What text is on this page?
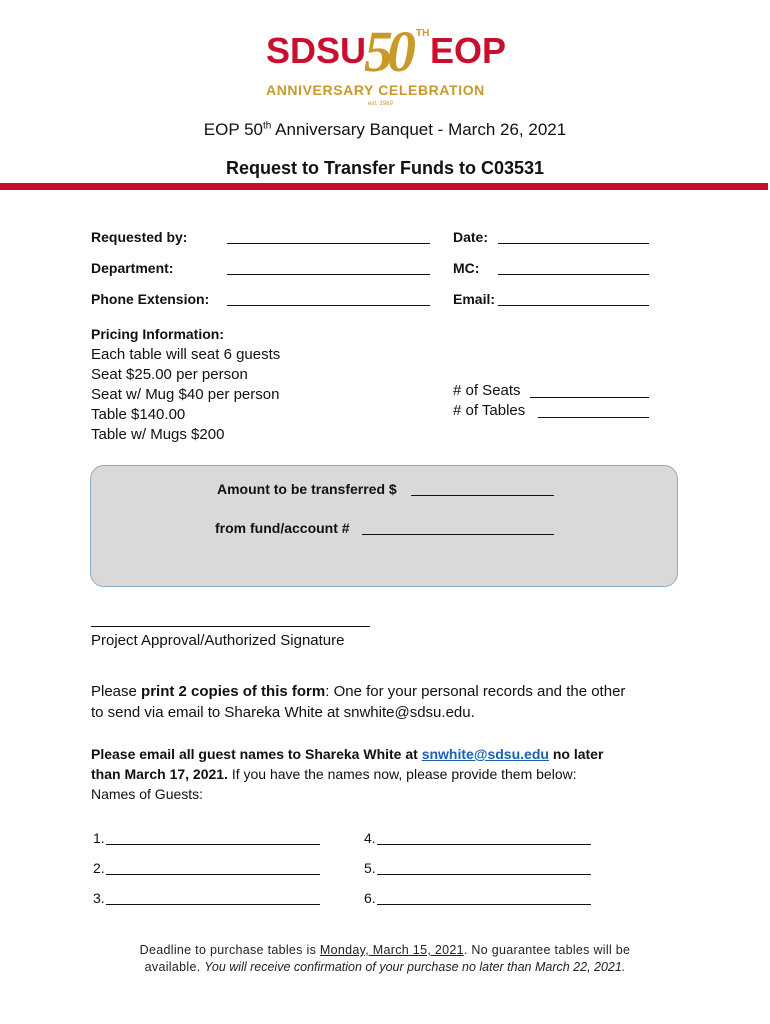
SDSU
50 TH EOP
ANNIVERSARY CELEBRATION
est. 1969
EOP 50th Anniversary Banquet - March 26, 2021
Request to Transfer Funds to C03531
Requested by:
Department:
Phone Extension:
Date:
MC:
Email:
Pricing Information:
Each table will seat 6 guests
Seat $25.00 per person
Seat w/ Mug $40 per person
Table $140.00
Table w/ Mugs $200
# of Seats
# of Tables
Amount to be transferred $
from fund/account #
Project Approval/Authorized Signature
Please print 2 copies of this form: One for your personal records and the other
to send via email to Shareka White at snwhite@sdsu.edu.
Please email all guest names to Shareka White at snwhite@sdsu.edu no later
than March 17, 2021. If you have the names now, please provide them below:
Names of Guests:
1.
2.
3.
4.
5.
6.
Deadline to purchase tables is Monday, March 15, 2021. No guarantee tables will be
available. You will receive confirmation of your purchase no later than March 22, 2021.
